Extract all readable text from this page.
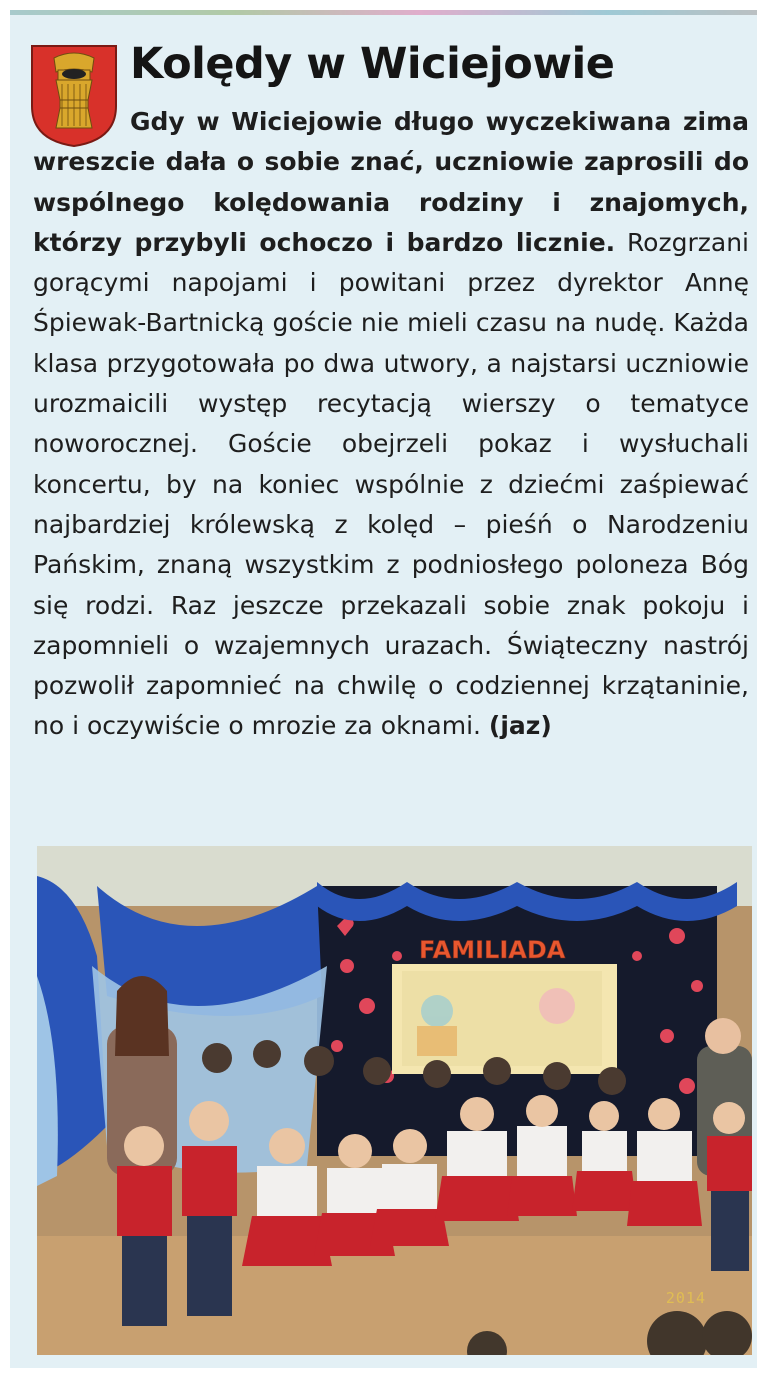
Kolędy w Wiciejowie
Gdy w Wiciejowie długo wyczekiwana zima wreszcie dała o sobie znać, uczniowie zaprosili do wspólnego kolędowania rodziny i znajomych, którzy przybyli ochoczo i bardzo licznie. Rozgrzani gorącymi napojami i powitani przez dyrektor Annę Śpiewak-Bartnicką goście nie mieli czasu na nudę. Każda klasa przygotowała po dwa utwory, a najstarsi uczniowie urozmaicili występ recytacją wierszy o tematyce noworocznej. Goście obejrzeli pokaz i wysłuchali koncertu, by na koniec wspólnie z dziećmi zaśpiewać najbardziej królewską z kolęd – pieśń o Narodzeniu Pańskim, znaną wszystkim z podniosłego poloneza Bóg się rodzi. Raz jeszcze przekazali sobie znak pokoju i zapomnieli o wzajemnych urazach. Świąteczny nastrój pozwolił zapomnieć na chwilę o codziennej krzątaninie, no i oczywiście o mrozie za oknami. (jaz)
FAMILIADA
2014
